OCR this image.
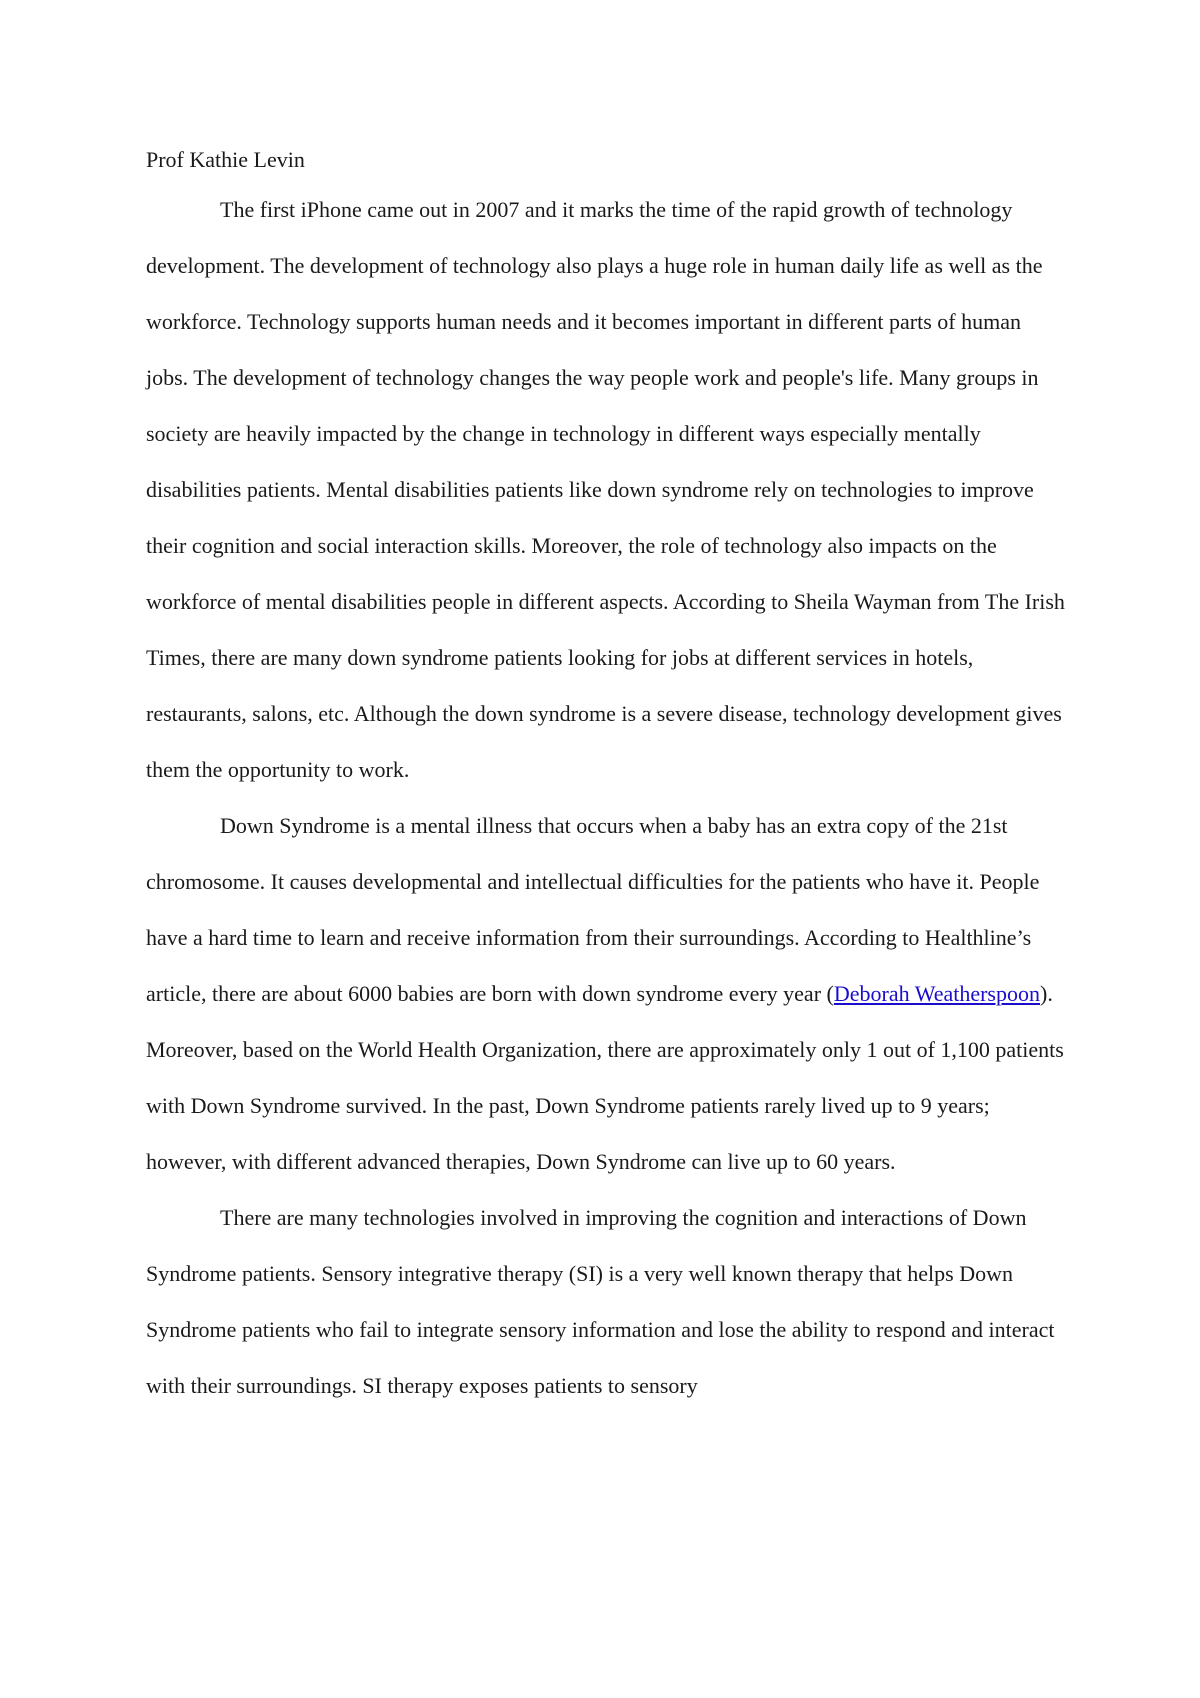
Prof Kathie Levin

The first iPhone came out in 2007 and it marks the time of the rapid growth of technology development. The development of technology also plays a huge role in human daily life as well as the workforce. Technology supports human needs and it becomes important in different parts of human jobs. The development of technology changes the way people work and people's life. Many groups in society are heavily impacted by the change in technology in different ways especially mentally disabilities patients. Mental disabilities patients like down syndrome rely on technologies to improve their cognition and social interaction skills. Moreover, the role of technology also impacts on the workforce of mental disabilities people in different aspects. According to Sheila Wayman from The Irish Times, there are many down syndrome patients looking for jobs at different services in hotels, restaurants, salons, etc. Although the down syndrome is a severe disease, technology development gives them the opportunity to work.

Down Syndrome is a mental illness that occurs when a baby has an extra copy of the 21st chromosome. It causes developmental and intellectual difficulties for the patients who have it. People have a hard time to learn and receive information from their surroundings. According to Healthline’s article, there are about 6000 babies are born with down syndrome every year (Deborah Weatherspoon). Moreover, based on the World Health Organization, there are approximately only 1 out of 1,100 patients with Down Syndrome survived. In the past, Down Syndrome patients rarely lived up to 9 years; however, with different advanced therapies, Down Syndrome can live up to 60 years.

There are many technologies involved in improving the cognition and interactions of Down Syndrome patients. Sensory integrative therapy (SI) is a very well known therapy that helps Down Syndrome patients who fail to integrate sensory information and lose the ability to respond and interact with their surroundings. SI therapy exposes patients to sensory
